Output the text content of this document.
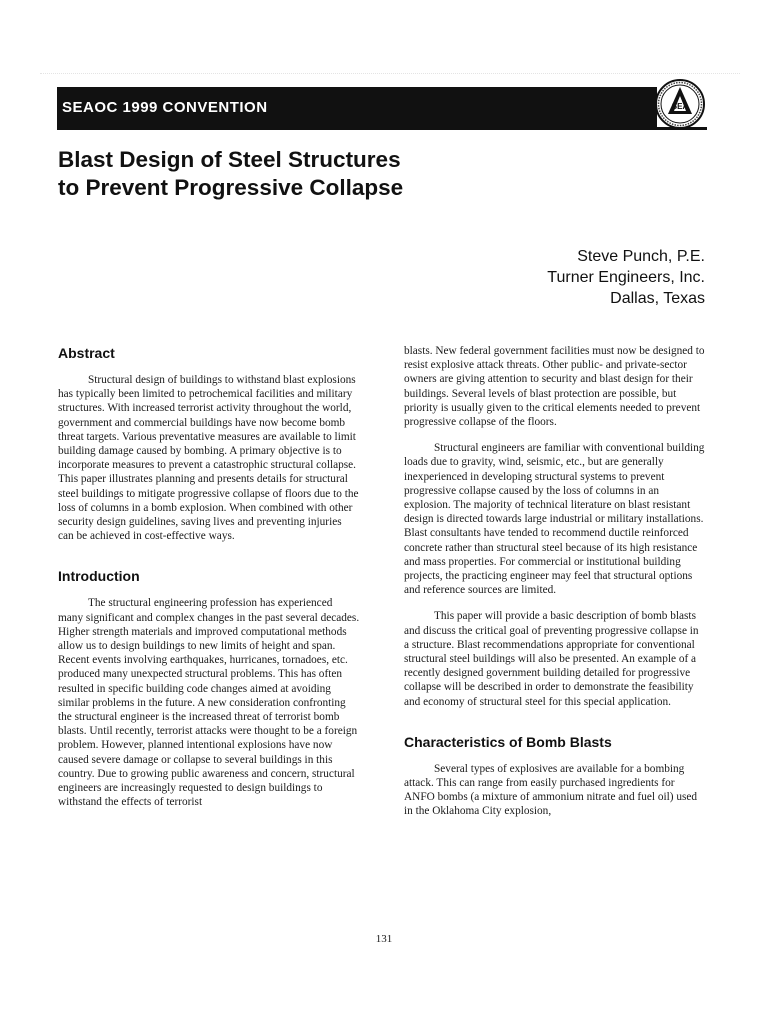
SEAOC 1999 CONVENTION	SEA
Blast Design of Steel Structures
to Prevent Progressive Collapse
Steve Punch, P.E.
Turner Engineers, Inc.
Dallas, Texas
Abstract

Structural design of buildings to withstand blast explosions has typically been limited to petrochemical facilities and military structures. With increased terrorist activity throughout the world, government and commercial buildings have now become bomb threat targets. Various preventative measures are available to limit building damage caused by bombing. A primary objective is to incorporate measures to prevent a catastrophic structural collapse. This paper illustrates planning and presents details for structural steel buildings to mitigate progressive collapse of floors due to the loss of columns in a bomb explosion. When combined with other security design guidelines, saving lives and preventing injuries can be achieved in cost-effective ways.

Introduction

The structural engineering profession has experienced many significant and complex changes in the past several decades. Higher strength materials and improved computational methods allow us to design buildings to new limits of height and span. Recent events involving earthquakes, hurricanes, tornadoes, etc. produced many unexpected structural problems. This has often resulted in specific building code changes aimed at avoiding similar problems in the future. A new consideration confronting the structural engineer is the increased threat of terrorist bomb blasts. Until recently, terrorist attacks were thought to be a foreign problem. However, planned intentional explosions have now caused severe damage or collapse to several buildings in this country. Due to growing public awareness and concern, structural engineers are increasingly requested to design buildings to withstand the effects of terrorist

blasts. New federal government facilities must now be designed to resist explosive attack threats. Other public- and private-sector owners are giving attention to security and blast design for their buildings. Several levels of blast protection are possible, but priority is usually given to the critical elements needed to prevent progressive collapse of the floors.

Structural engineers are familiar with conventional building loads due to gravity, wind, seismic, etc., but are generally inexperienced in developing structural systems to prevent progressive collapse caused by the loss of columns in an explosion. The majority of technical literature on blast resistant design is directed towards large industrial or military installations. Blast consultants have tended to recommend ductile reinforced concrete rather than structural steel because of its high resistance and mass properties. For commercial or institutional building projects, the practicing engineer may feel that structural options and reference sources are limited.

This paper will provide a basic description of bomb blasts and discuss the critical goal of preventing progressive collapse in a structure. Blast recommendations appropriate for conventional structural steel buildings will also be presented. An example of a recently designed government building detailed for progressive collapse will be described in order to demonstrate the feasibility and economy of structural steel for this special application.

Characteristics of Bomb Blasts

Several types of explosives are available for a bombing attack. This can range from easily purchased ingredients for ANFO bombs (a mixture of ammonium nitrate and fuel oil) used in the Oklahoma City explosion,

131
